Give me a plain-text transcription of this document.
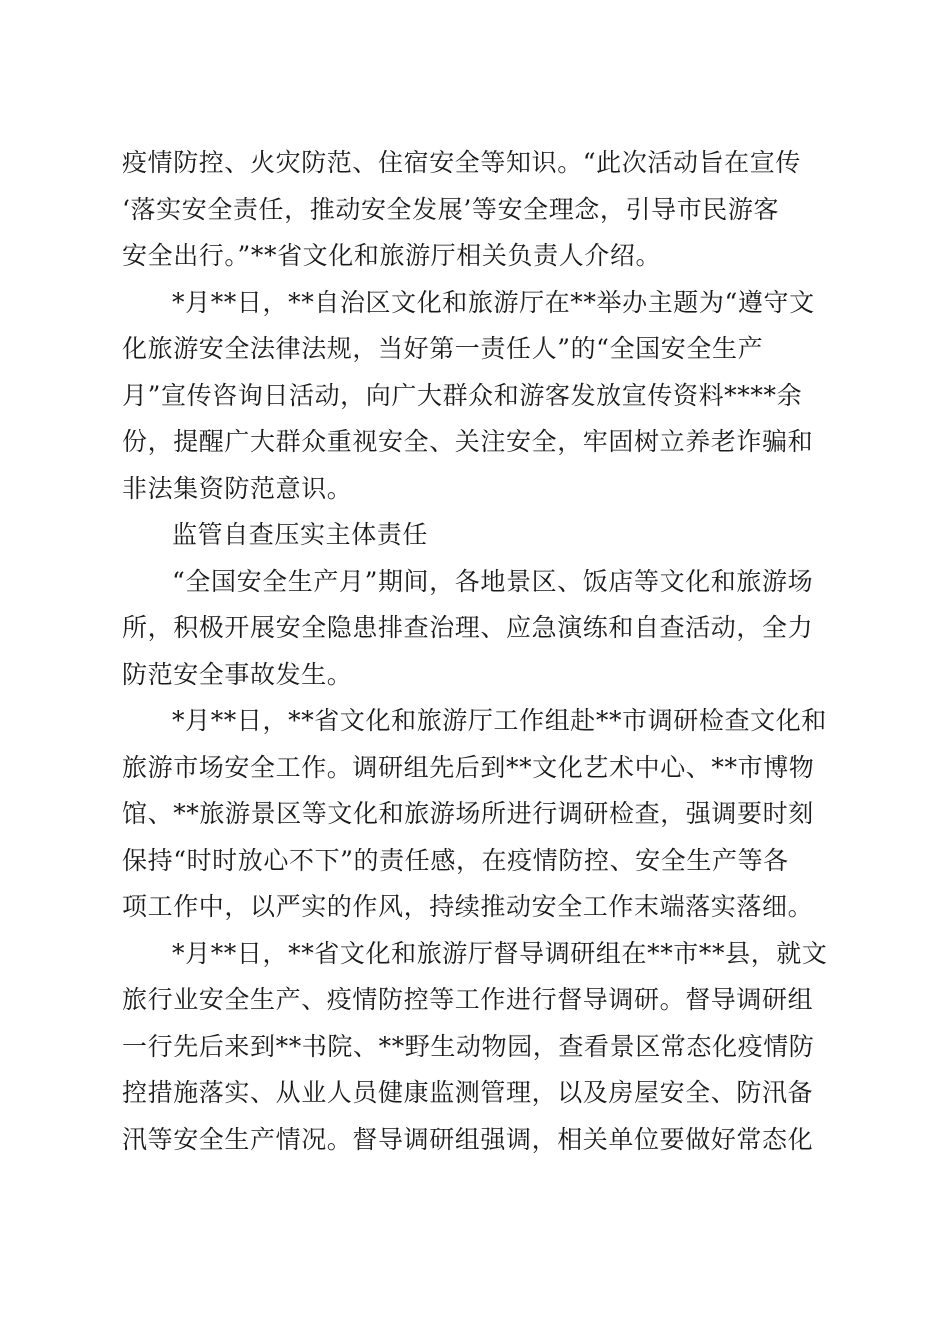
疫情防控、火灾防范、住宿安全等知识。“此次活动旨在宣传
‘落实安全责任，推动安全发展’等安全理念，引导市民游客
安全出行。”**省文化和旅游厅相关负责人介绍。

*月**日，**自治区文化和旅游厅在**举办主题为“遵守文
化旅游安全法律法规，当好第一责任人”的“全国安全生产
月”宣传咨询日活动，向广大群众和游客发放宣传资料****余
份，提醒广大群众重视安全、关注安全，牢固树立养老诈骗和
非法集资防范意识。

监管自查压实主体责任

“全国安全生产月”期间，各地景区、饭店等文化和旅游场
所，积极开展安全隐患排查治理、应急演练和自查活动，全力
防范安全事故发生。

*月**日，**省文化和旅游厅工作组赴**市调研检查文化和
旅游市场安全工作。调研组先后到**文化艺术中心、**市博物
馆、**旅游景区等文化和旅游场所进行调研检查，强调要时刻
保持“时时放心不下”的责任感，在疫情防控、安全生产等各
项工作中，以严实的作风，持续推动安全工作末端落实落细。

*月**日，**省文化和旅游厅督导调研组在**市**县，就文
旅行业安全生产、疫情防控等工作进行督导调研。督导调研组
一行先后来到**书院、**野生动物园，查看景区常态化疫情防
控措施落实、从业人员健康监测管理，以及房屋安全、防汛备
汛等安全生产情况。督导调研组强调，相关单位要做好常态化
